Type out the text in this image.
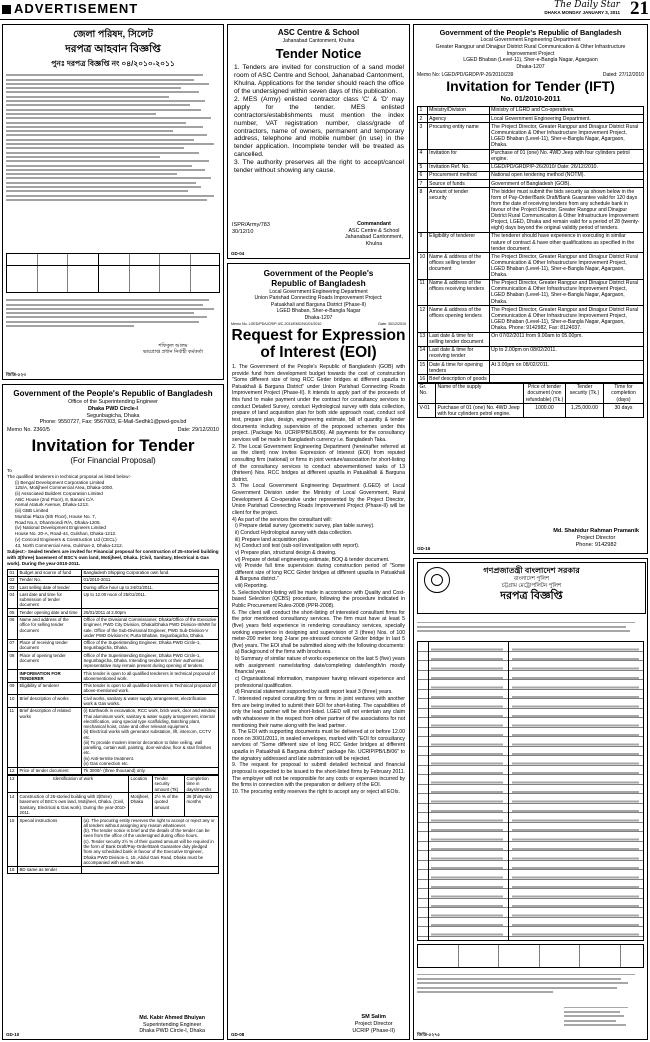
ADVERTISEMENT	The Daily Star
DHAKA MONDAY JANUARY 3, 2011 21
জেলা পরিষদ, সিলেট
দরপত্র আহবান বিজ্ঞপ্তি
পুনঃ দরপত্র বিজ্ঞপ্তি নং ০৪/২০১০-২০১১
শফিকুল আলম
ভারপ্রাপ্ত প্রধান নির্বাহী কর্মকর্তা
জিডি-৫২৩
ASC Centre & School
Jahanabad Cantonment, Khulna
Tender Notice

1. Tenders are invited for construction of a sand model room of ASC Centre and School, Jahanabad Cantonment, Khulna. Applications for the tender should reach the office of the undersigned within seven days of this publication.

2. MES (Army) enlisted contractor class 'C' & 'D' may apply for the tender. MES enlisted contractors/establishments must mention the index number, VAT registration number, class/grade of contractors, name of owners, permanent and temporary address, telephone and mobile number (in use) in the tender application. Incomplete tender will be treated as cancelled.

3. The authority preserves all the right to accept/cancel tender without showing any cause.

ISPR/Army/783
30/12/10
Commandant
ASC Centre & School
Jahanabad Cantonment,
Khulna
GD-04
Government of the People's Republic of Bangladesh
Local Government Engineering Department
Greater Rangpur and Dinajpur District Rural Communication & Other Infrastructure Improvement Project
LGED Bhaban (Level-11), Sher-e-Bangla Nagar, Agargaon
Dhaka-1207
Memo No: LGED/PD/GRDP/P-26/2010/239	Dated: 27/12/2010
Invitation for Tender (IFT)
No. 01/2010-2011
1	Ministry/Division	Ministry of LGRD and Co-operatives.
2	Agency	Local Government Engineering Department.
3	Procuring entity name	The Project Director, Greater Rangpur and Dinajpur District Rural Communication & Other Infrastructure Improvement Project, LGED Bhaban (Level-11), Sher-e-Bangla Nagar, Agargaon, Dhaka.
4	Invitation for	Purchase of 01 (one) No. 4WD Jeep with four cylinders petrol engine.
5	Invitation Ref. No.	LGED/PD/GRDP/P-26/2010/ Date: 26/12/2010.
6	Procurement method	National open tendering method (NOTM).
7	Source of funds	Government of Bangladesh (GOB).
8	Amount of tender security	The bidder must submit the bids security as shown below in the form of Pay-Order/Bank Draft/Bank Guarantee valid for 120 days from the date of receiving tenders from any schedule bank in favour of the Project Director, Greater Rangpur and Dinajpur District Rural Communication & Other Infrastructure Improvement Project, LGED, Dhaka and remain valid for a period of 28 (twenty-eight) days beyond the original validity period of tenders.
9	Eligibility of tenderer	The tenderer should have experience in executing in similar nature of contract & have other qualifications as specified in the tender document.
10	Name & address of the offices selling tender document	The Project Director, Greater Rangpur and Dinajpur District Rural Communication & Other Infrastructure Improvement Project, LGED Bhaban (Level-11), Sher-e-Bangla Nagar, Agargaon, Dhaka.
11	Name & address of the offices receiving tenders	The Project Director, Greater Rangpur and Dinajpur District Rural Communication & Other Infrastructure Improvement Project, LGED Bhaban (Level-11), Sher-e-Bangla Nagar, Agargaon, Dhaka.
12	Name & address of the offices opening tenders	The Project Director, Greater Rangpur and Dinajpur District Rural Communication & Other Infrastructure Improvement Project, LGED Bhaban (Level-11), Sher-e-Bangla Nagar, Agargaon, Dhaka. Phone: 9142982, Fax: 8124037.
13	Last date & time for selling tender document	On 07/02/2011 from 9.00am to 05.00pm.
14	Last date & time for receiving tender	Up to 2.00pm on 08/02/2011.
15	Date & time for opening tenders	At 3.00pm on 08/02/2011.
16	Brief description of goods	
Gr. No.	Name of the supply	Price of tender document (non refundable) (Tk.)	Tender security (Tk.)	Time for completion (days)
V-01	Purchase of 01 (one) No. 4WD Jeep with four cylinders petrol engine.	1000.00	1,25,000.00	30 days
Md. Shahidur Rahman Pramanik
Project Director
Phone: 9142982
GD-16
Government of the People's
Republic of Bangladesh
Local Government Engineering Department
Union Parishad Connecting Roads Improvement Project:
Patuakhali and Barguna District (Phase-II)
LGED Bhaban, Sher-e-Bangla Nagar
Dhaka-1207
Memo No. LGED/PD/UCRIP-II/C-2011/EMC/NC/01/2010	Date: 30/12/2010
Request for Expression of Interest (EOI)

1. The Government of the People's Republic of Bangladesh (GOB) with provide fund from development budget towards the cost of construction "Some different size of long RCC Girder bridges at different upazila in Patuakhali & Barguna District" under Union Parishad Connecting Roads Improvement Project (Phase-II). It intends to apply part of the proceeds of this fund to make payment under the contract for consultancy services to conduct Detailed Survey, conduct Hydrological survey with data collection, prepare of land acquisition plan for both side approach road, conduct soil test, prepare plan, design, engineering estimate, bill of quantity & tender documents including supervision of the proposed schemes under this project. (Package No. UCRIP/PB/LB/06). All payments for the consultancy services will be made in Bangladesh currency i.e. Bangladesh Taka.

2. The Local Government Engineering Department (hereinafter referred at as the client) now invites Expression of Interest (EOI) from reputed consulting firm (national) or firms in joint venture/association for short-listing of the consultancy services to conduct abovementioned tasks of 13 (thirteen) Nos. RCC bridges at different upazila in Patuakhali & Barguna district.

3. The Local Government Engineering Department (LGED) of Local Government Division under the Ministry of Local Government, Rural Development & Co-operative under represented by the Project Director, Union Parishad Connecting Roads Improvement Project (Phase-II) will be client for the project.

4) As part of the services the consultant will:

i) Prepare detail survey (geometric survey, plan table survey).
ii) Conduct Hydrological survey with data collection.
iii) Prepare land acquisition plan.
iv) Conduct soil test (sub-soil investigation with report).
v) Prepare plan, structural design & drawing.
vi) Prepare of detail engineering estimate, BOQ & tender document.
vii) Provide full time supervision during construction period of "Some different size of long RCC Girder bridges at different upazila in Patuakhali & Barguna district."
viii) Reporting.

5. Selection/short-listing will be made in accordance with Quality and Cost-based Selection (QCBS) procedure, following the procedure indicated in Public Procurement Rules-2008 (PPR-2008).

6. The client will conduct the short-listing of interested consultant firms for the prior mentioned consultancy services. The firm must have at least 5 (five) years field experience in rendering consultancy services, specially working experience in designing and supervision of 3 (three) Nos. of 100 meter-200 meter long 2-lane pre-stressed concrete Girder bridge in last 5 (five) years. The EOI shall be submitted along with the following documents:

a) Background of the firms with brochures.
b) Summary of similar nature of works experience on the last 5 (five) years with assignment name/starting date/completing date/length/in mostly financial year.
c) Organisational information, manpower having relevant experience and professional qualification.
d) Financial statement supported by audit report least 3 (three) years.

7. Interested reputed consulting firm or firms in joint ventures with another firm are being invited to submit their EOI for short-listing. The capabilities of only the lead partner will be short-listed. LGED will not entertain any claim with whatsoever in the respect from other partner of the associations for not mentioning their name along with the lead partner.

8. The EOI with supporting documents must be delivered at or before 12.00 noon on 30/01/2011, in sealed envelopes, marked with "EOI for consultancy services of "Some different size of long RCC Girder bridges at different upazila in Patuakhali & Barguna district" package No. UCRIP/PB/LB/06" to the signatory addressed and late submission will be rejected.

9. The request for proposal to submit detailed technical and financial proposal is expected to be issued to the short-listed firms by February 2011. The employer will not be responsible for any costs or expenses incurred by the firms in connection with the preparation or delivery of the EOI.

10. The procuring entity reserves the right to accept any or reject all EOIs.

SM Salim
Project Director
UCRIP (Phase-II)
GD-08
Government of the People's Republic of Bangladesh
Office of the Superintending Engineer
Dhaka PWD Circle-I
Segunbagicha, Dhaka
Phone: 9550727, Fax: 9567003, E-Mail-Sedhk1@pwd-gov.bd
Memo No. 2360/5	Date: 29/12/2010
Invitation for Tender
(For Financial Proposal)
To
The qualified tenderers in technical proposal as listed below:-
(i) Bengal Development Corporation Limited
125/A, Motijheel Commercial Area, Dhaka-1000.
(ii) Associated Builders Corporation Limited
ABC House (2nd Floor), 8, Banani C/A
Kemal Ataturk Avenue, Dhaka-1213.
(iii) GBB Limited
Mumbai Plaza (5th Floor), House No. 7,
Road No.4, Dhanmondi R/A, Dhaka-1205.
(iv) National Development Engineers Limited
House No. 20-A, Road-44, Gulshan, Dhaka-1212.
(v) Concord Engineers & Construction Ltd (CECL)
43, North Commercial Area, Gulshan-2, Dhaka-1212.
Subject:- Sealed tenders are invited for Financial proposal for construction of 25-storied building with 3(three) basement of BSC's own land, Motijheel, Dhaka. (Civil, Sanitary, Electrical & Gas work). During the year-2010-2011.
01	Budget and source of fund	Bangladesh Shipping Corporation own fund.
02	Tender No.	01/2010-2011
03	Last selling date of tender	During office hour up to 24/01/2011.
04	Last date and time for submission of tender document	Up to 12.00 noon of 25/01/2011.
05	Tender opening date and time	25/01/2011 at 2.00pm
06	Name and address of the office for selling tender document	Office of the Divisional Commissioner, Dhaka/Office of the Executive Engineer, PWD City Division, Dhaka/Dhaka PWD Division-III/MW for sale. Office of the Sub-Divisional Engineer, PWD Sub-Division-V under PWD Division-IV, Purta Bhaban, Segunbagicha, Dhaka.
07	Place of receiving tender document	Office of the Superintending Engineer, Dhaka PWD Circle-1, Segunbagicha, Dhaka.
08	Place of opening tender document	Office of the Superintending Engineer, Dhaka PWD Circle-1, Segunbagicha, Dhaka. Intending tenderers or their authorised representative may remain present during opening of tenders.
	INFORMATION FOR TENDERER	This tender is open to all qualified tenderers in technical proposal of abovementioned work.
09	Eligibility of tenderer	This tender is open to all qualified tenderers in Technical proposal of above-mentioned work.
10	Brief description of works	Civil works, sanitary & water supply arrangement, electrification work & Gas works.
11	Brief description of related works	(i) Earthwork in excavation, RCC work, brick work, door and window, Thai aluminium work, sanitary & water supply arrangement, internal electrification, using special type scaffolding, Batching plant, mechanical hoist, crane and other relevant equipment.
(ii) Electrical works with generator substation, lift, intercom, CCTV etc.
(iii) To provide modern interior decoration to false ceiling, wall panelling, curtain wall, painting, door-window, floor & stair finishes etc.
(iv) Anti-termite treatment.
(v) Gas connection etc.
12	Price of tender document	Tk 3000/- (three thousand) only.
13	Identification of work	Location	Tender security amount (Tk)	Completion time in days/months
14	Construction of 25-storied building with 3(three) basement of BSC's own land, Motijheel, Dhaka. (Civil, Sanitary, Electrical & Gas work). During the year-2010-2011.	Motijheel, Dhaka	2½ % of the quoted amount	36 (thirty-six) months
15	Special instructions	(a). The procuring entity reserves the right to accept or reject any or all tenders without assigning any reason whatsoever.
(b). The tender notice is brief and the details of the tender can be seen from the office of the undersigned during office hours.
(c). Tender security 2½ % of their quoted amount will be required in the form of Bank Draft/Pay-Order/Bank Guarantee duly pledged from any scheduled bank in favour of the Executive Engineer, Dhaka PWD Division-1, 15, Abdul Gani Road, Dhaka must be accompanied with each tender.
16	BD same as tender	
Md. Kabir Ahmed Bhuiyan
Superintending Engineer
Dhaka PWD Circle-I, Dhaka
GD-10
গণপ্রজাতন্ত্রী বাংলাদেশ সরকার
বাংলাদেশ পুলিশ
চট্টগ্রাম মেট্রোপলিটন পুলিশ
দরপত্র বিজ্ঞপ্তি
জিডি-৫২৭৫
